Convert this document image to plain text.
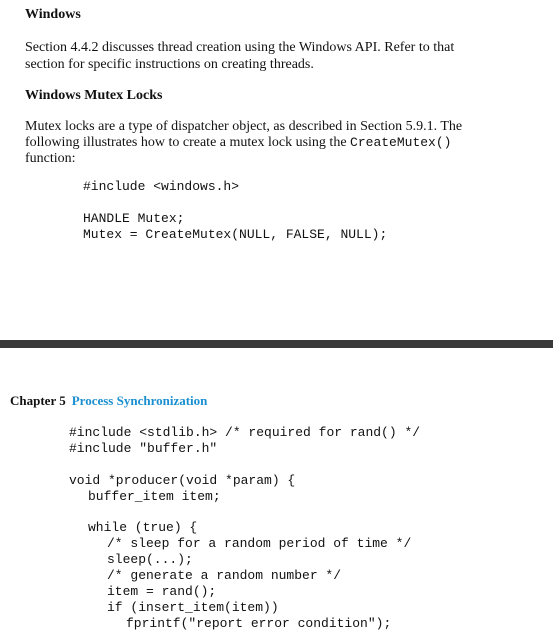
Windows

Section 4.4.2 discusses thread creation using the Windows API. Refer to that
section for specific instructions on creating threads.

Windows Mutex Locks

Mutex locks are a type of dispatcher object, as described in Section 5.9.1. The
following illustrates how to create a mutex lock using the CreateMutex()
function:

#include <windows.h>
HANDLE Mutex;
Mutex = CreateMutex(NULL, FALSE, NULL);
Chapter 5 Process Synchronization
#include <stdlib.h> /* required for rand() */
#include "buffer.h"
void *producer(void *param) {
buffer_item item;
while (true) {
/* sleep for a random period of time */
sleep(...);
/* generate a random number */
item = rand();
if (insert_item(item))
fprintf("report error condition");
